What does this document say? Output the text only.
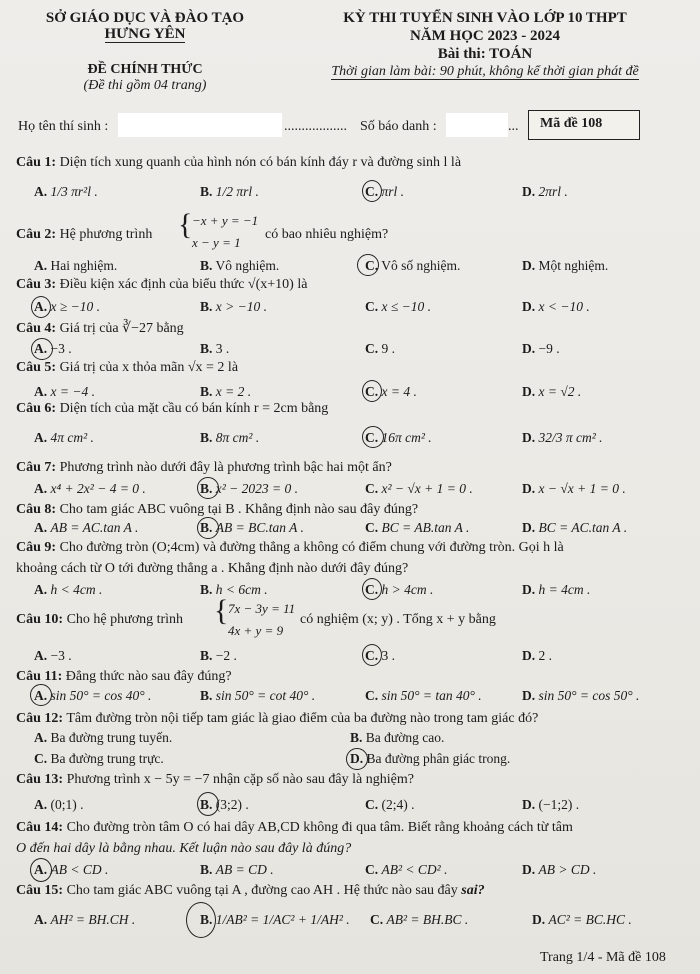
SỞ GIÁO DỤC VÀ ĐÀO TẠO
HƯNG YÊN
ĐỀ CHÍNH THỨC
(Đề thi gồm 04 trang)
KỲ THI TUYỂN SINH VÀO LỚP 10 THPT
NĂM HỌC 2023 - 2024
Bài thi: TOÁN
Thời gian làm bài: 90 phút, không kể thời gian phát đề
Họ tên thí sinh :	.................. Số báo danh :	... Mã đề 108
Câu 1: Diện tích xung quanh của hình nón có bán kính đáy r và đường sinh l là
A. 1/3 πr²l .	B. 1/2 πrl .	C. πrl .	D. 2πrl .
Câu 2: Hệ phương trình { −x + y = −1
x − y = 1
có bao nhiêu nghiệm?
A. Hai nghiệm.	B. Vô nghiệm.	C. Vô số nghiệm.	D. Một nghiệm.
Câu 3: Điều kiện xác định của biểu thức √(x+10) là
A. x ≥ −10 .	B. x > −10 .	C. x ≤ −10 .	D. x < −10 .
Câu 4: Giá trị của ∛−27 bằng
A. −3 .	B. 3 .	C. 9 .	D. −9 .
Câu 5: Giá trị của x thỏa mãn √x = 2 là
A. x = −4 .	B. x = 2 .	C. x = 4 .	D. x = √2 .
Câu 6: Diện tích của mặt cầu có bán kính r = 2cm bằng
A. 4π cm² .	B. 8π cm² .	C. 16π cm² .	D. 32/3 π cm² .
Câu 7: Phương trình nào dưới đây là phương trình bậc hai một ẩn?
A. x⁴ + 2x² − 4 = 0 .	B. x² − 2023 = 0 .	C. x² − √x + 1 = 0 .	D. x − √x + 1 = 0 .
Câu 8: Cho tam giác ABC vuông tại B . Khẳng định nào sau đây đúng?
A. AB = AC.tan A .	B. AB = BC.tan A .	C. BC = AB.tan A .	D. BC = AC.tan A .
Câu 9: Cho đường tròn (O;4cm) và đường thẳng a không có điểm chung với đường tròn. Gọi h là
khoảng cách từ O tới đường thẳng a . Khẳng định nào dưới đây đúng?
A. h < 4cm .	B. h < 6cm .	C. h > 4cm .	D. h = 4cm .
Câu 10: Cho hệ phương trình { 7x − 3y = 11
4x + y = 9
có nghiệm (x; y) . Tổng x + y bằng
A. −3 .	B. −2 .	C. 3 .	D. 2 .
Câu 11: Đẳng thức nào sau đây đúng?
A. sin 50° = cos 40° .	B. sin 50° = cot 40° .	C. sin 50° = tan 40° .	D. sin 50° = cos 50° .
Câu 12: Tâm đường tròn nội tiếp tam giác là giao điểm của ba đường nào trong tam giác đó?
A. Ba đường trung tuyến.	B. Ba đường cao.
C. Ba đường trung trực.	D. Ba đường phân giác trong.
Câu 13: Phương trình x − 5y = −7 nhận cặp số nào sau đây là nghiệm?
A. (0;1) .	B. (3;2) .	C. (2;4) .	D. (−1;2) .
Câu 14: Cho đường tròn tâm O có hai dây AB,CD không đi qua tâm. Biết rằng khoảng cách từ tâm
O đến hai dây là bằng nhau. Kết luận nào sau đây là đúng?
A. AB < CD .	B. AB = CD .	C. AB² < CD² .	D. AB > CD .
Câu 15: Cho tam giác ABC vuông tại A , đường cao AH . Hệ thức nào sau đây sai?
A. AH² = BH.CH .	B. 1/AB² = 1/AC² + 1/AH² . C. AB² = BH.BC .	D. AC² = BC.HC .
Trang 1/4 - Mã đề 108
